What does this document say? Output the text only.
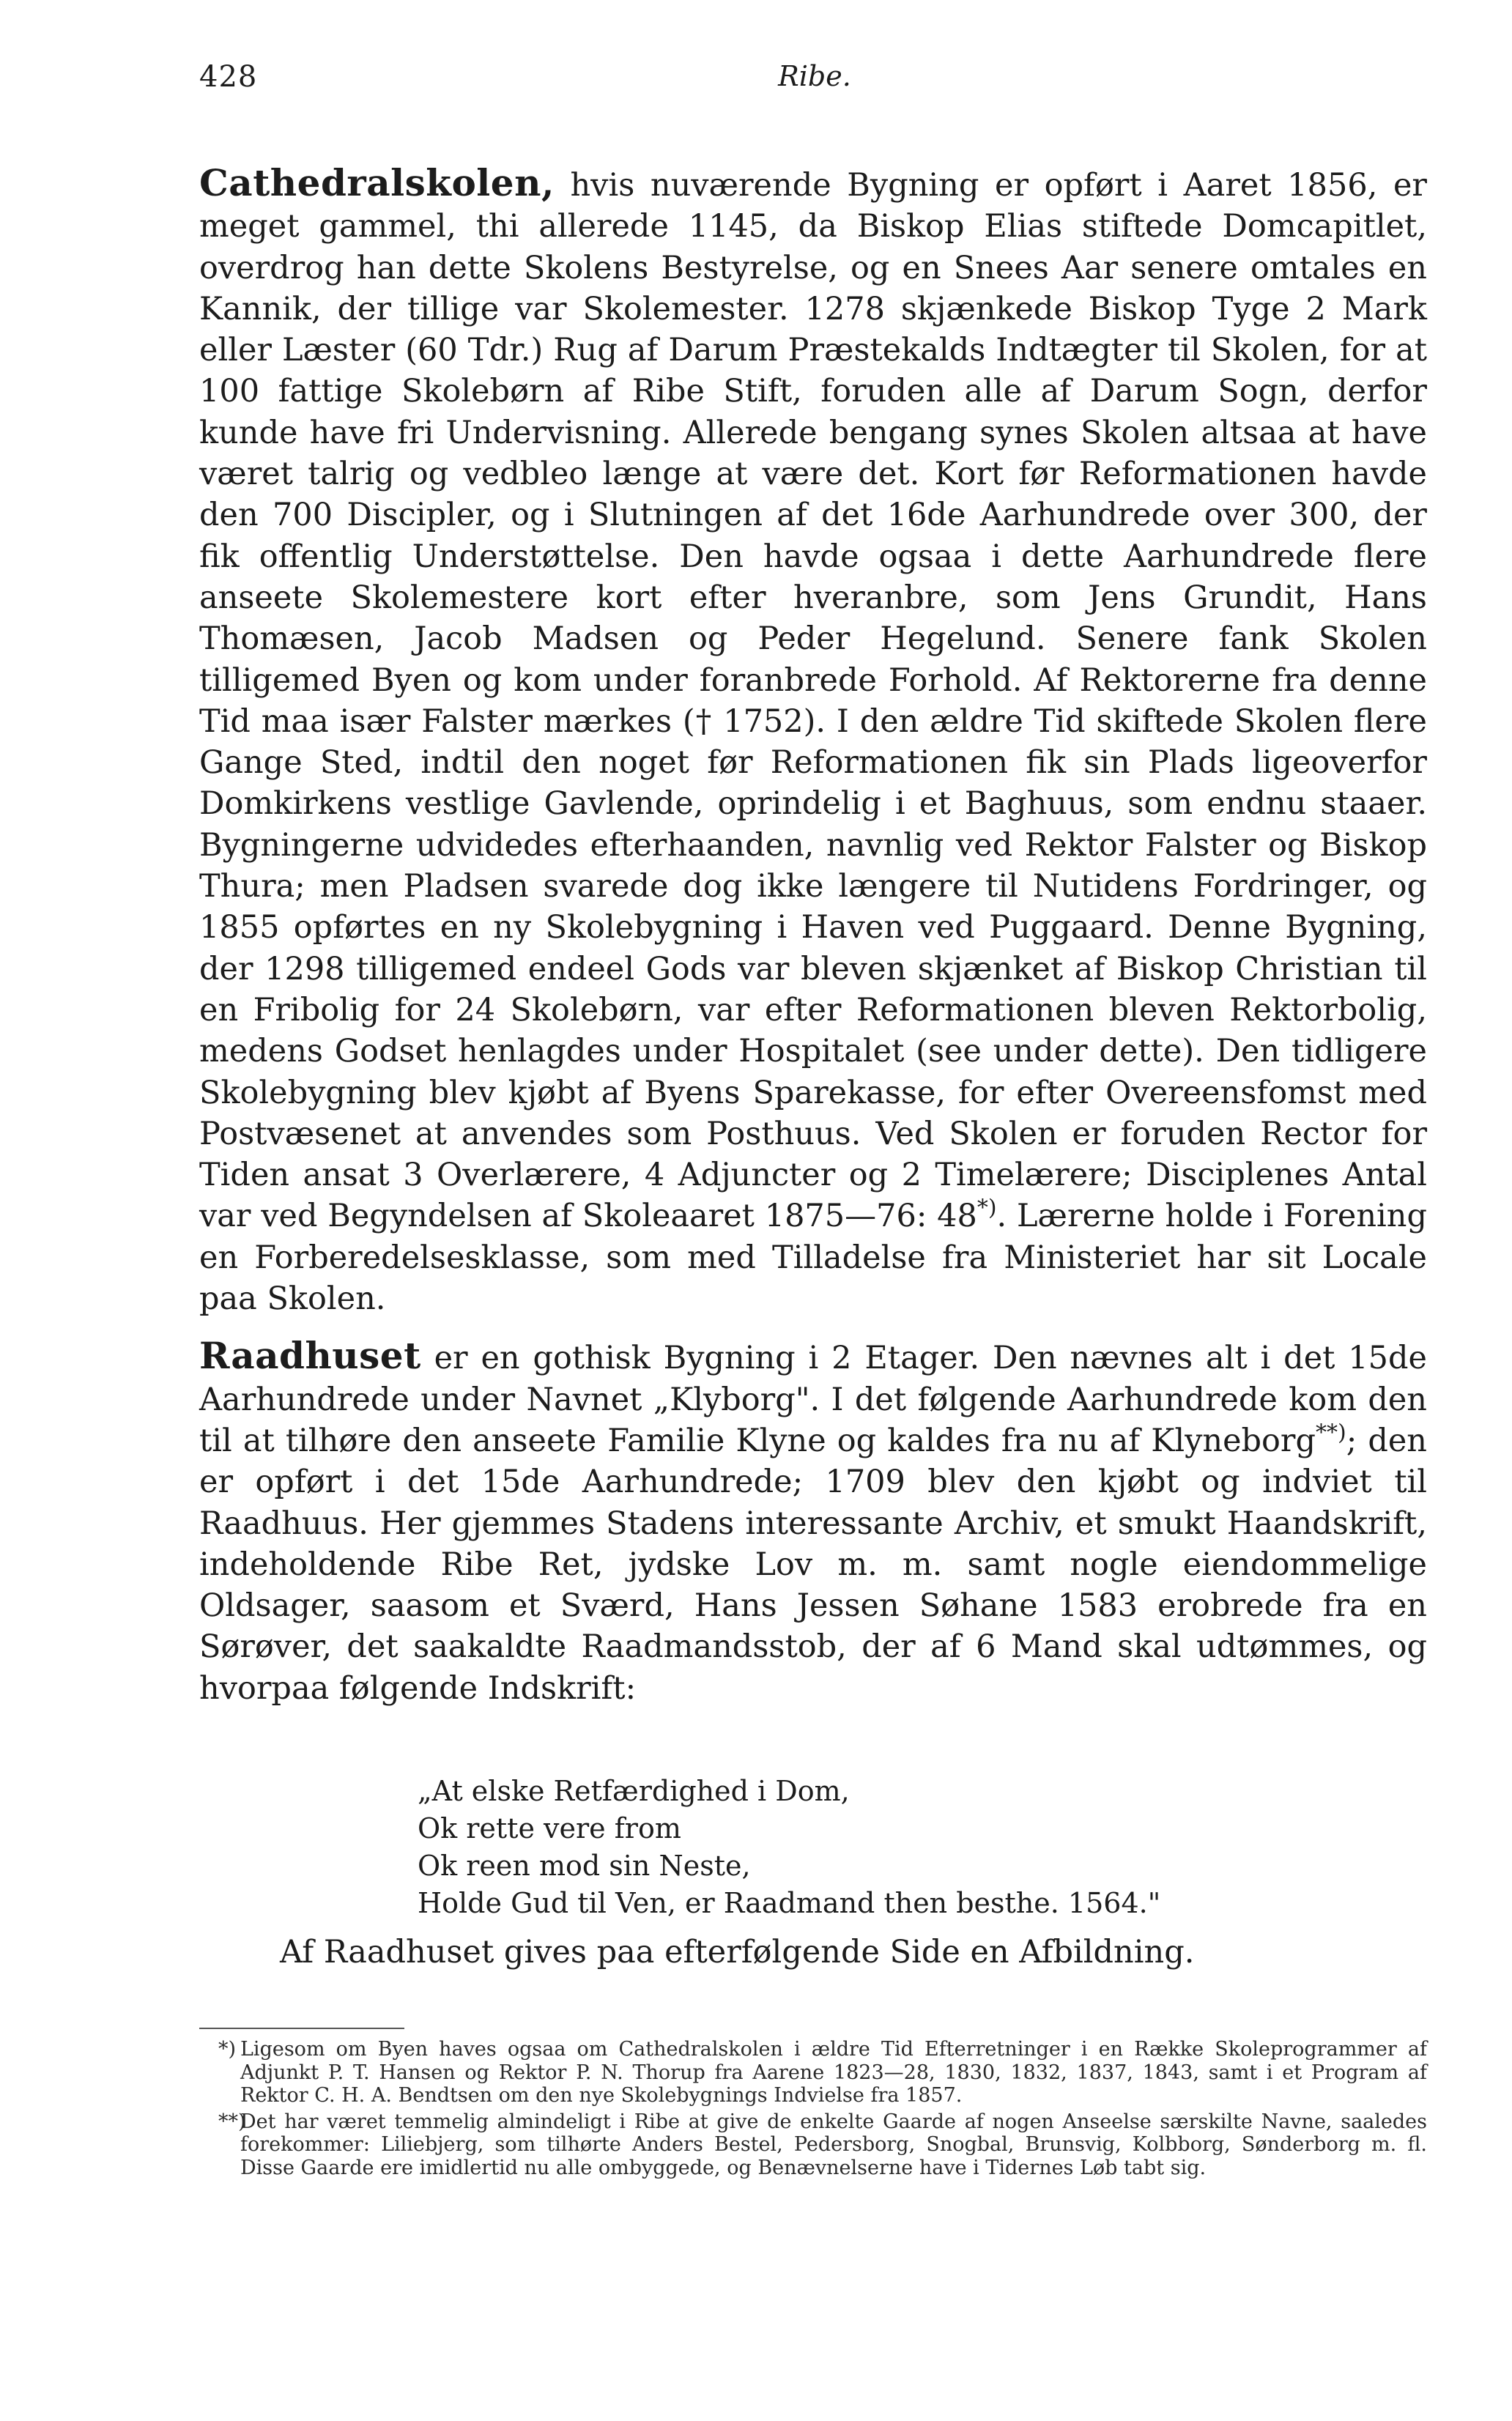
428	Ribe.

Cathedralskolen, hvis nuværende Bygning er opført i Aaret 1856, er meget gammel, thi allerede 1145, da Biskop Elias stiftede Domcapitlet, overdrog han dette Skolens Bestyrelse, og en Snees Aar senere omtales en Kannik, der tillige var Skolemester. 1278 skjænkede Biskop Tyge 2 Mark eller Læster (60 Tdr.) Rug af Darum Præstekalds Indtægter til Skolen, for at 100 fattige Skolebørn af Ribe Stift, foruden alle af Darum Sogn, derfor kunde have fri Undervisning. Allerede bengang synes Skolen altsaa at have været talrig og vedbleo længe at være det. Kort før Reformationen havde den 700 Discipler, og i Slutningen af det 16de Aarhundrede over 300, der fik offentlig Understøttelse. Den havde ogsaa i dette Aarhundrede flere anseete Skolemestere kort efter hveranbre, som Jens Grundit, Hans Thomæsen, Jacob Madsen og Peder Hegelund. Senere fank Skolen tilligemed Byen og kom under foranbrede Forhold. Af Rektorerne fra denne Tid maa især Falster mærkes († 1752). I den ældre Tid skiftede Skolen flere Gange Sted, indtil den noget før Reformationen fik sin Plads ligeoverfor Domkirkens vestlige Gavlende, oprindelig i et Baghuus, som endnu staaer. Bygningerne udvidedes efterhaanden, navnlig ved Rektor Falster og Biskop Thura; men Pladsen svarede dog ikke længere til Nutidens Fordringer, og 1855 opførtes en ny Skolebygning i Haven ved Puggaard. Denne Bygning, der 1298 tilligemed endeel Gods var bleven skjænket af Biskop Christian til en Fribolig for 24 Skolebørn, var efter Reformationen bleven Rektorbolig, medens Godset henlagdes under Hospitalet (see under dette). Den tidligere Skolebygning blev kjøbt af Byens Sparekasse, for efter Overeensfomst med Postvæsenet at anvendes som Posthuus. Ved Skolen er foruden Rector for Tiden ansat 3 Overlærere, 4 Adjuncter og 2 Timelærere; Disciplenes Antal var ved Begyndelsen af Skoleaaret 1875—76: 48*). Lærerne holde i Forening en Forberedelsesklasse, som med Tilladelse fra Ministeriet har sit Locale paa Skolen.

Raadhuset er en gothisk Bygning i 2 Etager. Den nævnes alt i det 15de Aarhundrede under Navnet „Klyborg". I det følgende Aarhundrede kom den til at tilhøre den anseete Familie Klyne og kaldes fra nu af Klyneborg**); den er opført i det 15de Aarhundrede; 1709 blev den kjøbt og indviet til Raadhuus. Her gjemmes Stadens interessante Archiv, et smukt Haandskrift, indeholdende Ribe Ret, jydske Lov m. m. samt nogle eiendommelige Oldsager, saasom et Sværd, Hans Jessen Søhane 1583 erobrede fra en Sørøver, det saakaldte Raadmandsstob, der af 6 Mand skal udtømmes, og hvorpaa følgende Indskrift:

„At elske Retfærdighed i Dom,
Ok rette vere from
Ok reen mod sin Neste,
Holde Gud til Ven, er Raadmand then besthe. 1564."
Af Raadhuset gives paa efterfølgende Side en Afbildning.
*) Ligesom om Byen haves ogsaa om Cathedralskolen i ældre Tid Efterretninger i en Række Skoleprogrammer af Adjunkt P. T. Hansen og Rektor P. N. Thorup fra Aarene 1823—28, 1830, 1832, 1837, 1843, samt i et Program af Rektor C. H. A. Bendtsen om den nye Skolebygnings Indvielse fra 1857.
**)
Det har været temmelig almindeligt i Ribe at give de enkelte Gaarde af nogen Anseelse særskilte Navne, saaledes forekommer: Liliebjerg, som tilhørte Anders Bestel, Pedersborg, Snogbal, Brunsvig, Kolbborg, Sønderborg m. fl. Disse Gaarde ere imidlertid nu alle ombyggede, og Benævnelserne have i Tidernes Løb tabt sig.
